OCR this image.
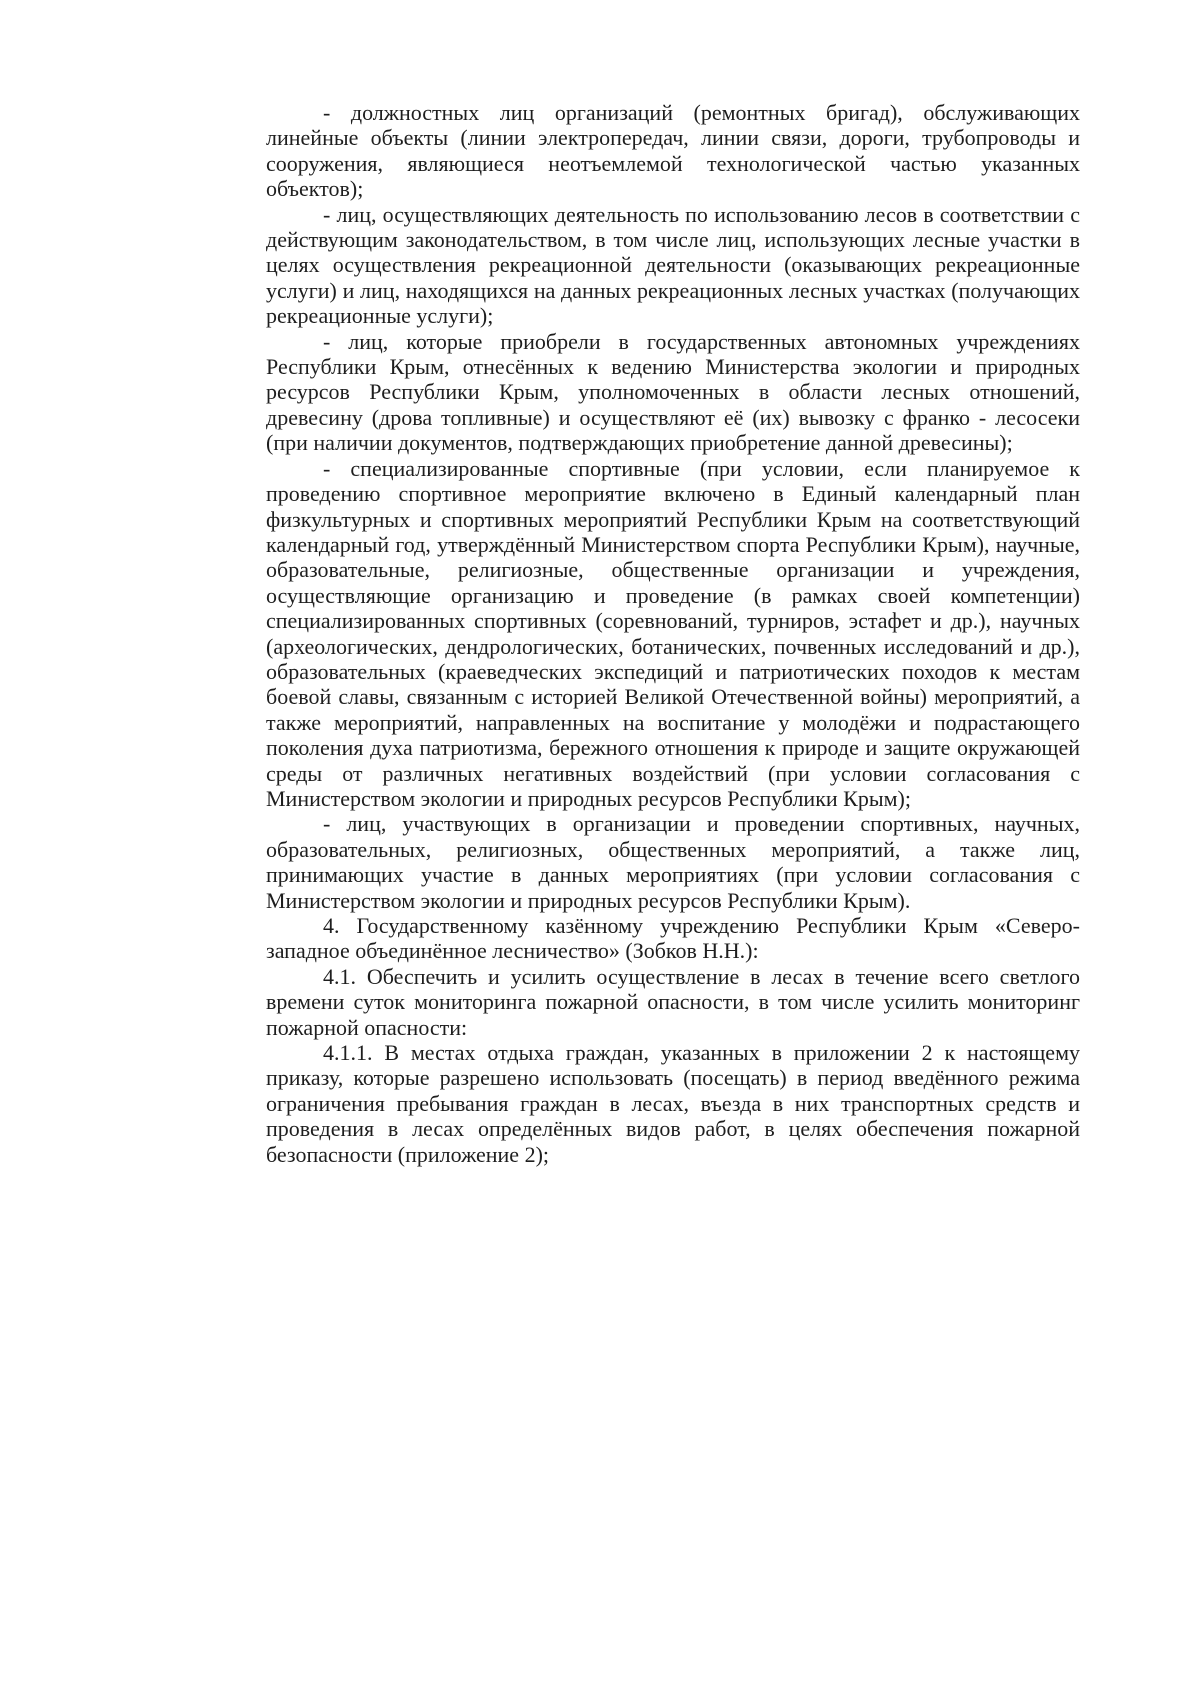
- должностных лиц организаций (ремонтных бригад), обслуживающих линейные объекты (линии электропередач, линии связи, дороги, трубопроводы и сооружения, являющиеся неотъемлемой технологической частью указанных объектов);

- лиц, осуществляющих деятельность по использованию лесов в соответствии с действующим законодательством, в том числе лиц, использующих лесные участки в целях осуществления рекреационной деятельности (оказывающих рекреационные услуги) и лиц, находящихся на данных рекреационных лесных участках (получающих рекреационные услуги);

- лиц, которые приобрели в государственных автономных учреждениях Республики Крым, отнесённых к ведению Министерства экологии и природных ресурсов Республики Крым, уполномоченных в области лесных отношений, древесину (дрова топливные) и осуществляют её (их) вывозку с франко - лесосеки (при наличии документов, подтверждающих приобретение данной древесины);

- специализированные спортивные (при условии, если планируемое к проведению спортивное мероприятие включено в Единый календарный план физкультурных и спортивных мероприятий Республики Крым на соответствующий календарный год, утверждённый Министерством спорта Республики Крым), научные, образовательные, религиозные, общественные организации и учреждения, осуществляющие организацию и проведение (в рамках своей компетенции) специализированных спортивных (соревнований, турниров, эстафет и др.), научных (археологических, дендрологических, ботанических, почвенных исследований и др.), образовательных (краеведческих экспедиций и патриотических походов к местам боевой славы, связанным с историей Великой Отечественной войны) мероприятий, а также мероприятий, направленных на воспитание у молодёжи и подрастающего поколения духа патриотизма, бережного отношения к природе и защите окружающей среды от различных негативных воздействий (при условии согласования с Министерством экологии и природных ресурсов Республики Крым);

- лиц, участвующих в организации и проведении спортивных, научных, образовательных, религиозных, общественных мероприятий, а также лиц, принимающих участие в данных мероприятиях (при условии согласования с Министерством экологии и природных ресурсов Республики Крым).

4. Государственному казённому учреждению Республики Крым «Северо-западное объединённое лесничество» (Зобков Н.Н.):

4.1. Обеспечить и усилить осуществление в лесах в течение всего светлого времени суток мониторинга пожарной опасности, в том числе усилить мониторинг пожарной опасности:

4.1.1. В местах отдыха граждан, указанных в приложении 2 к настоящему приказу, которые разрешено использовать (посещать) в период введённого режима ограничения пребывания граждан в лесах, въезда в них транспортных средств и проведения в лесах определённых видов работ, в целях обеспечения пожарной безопасности (приложение 2);
